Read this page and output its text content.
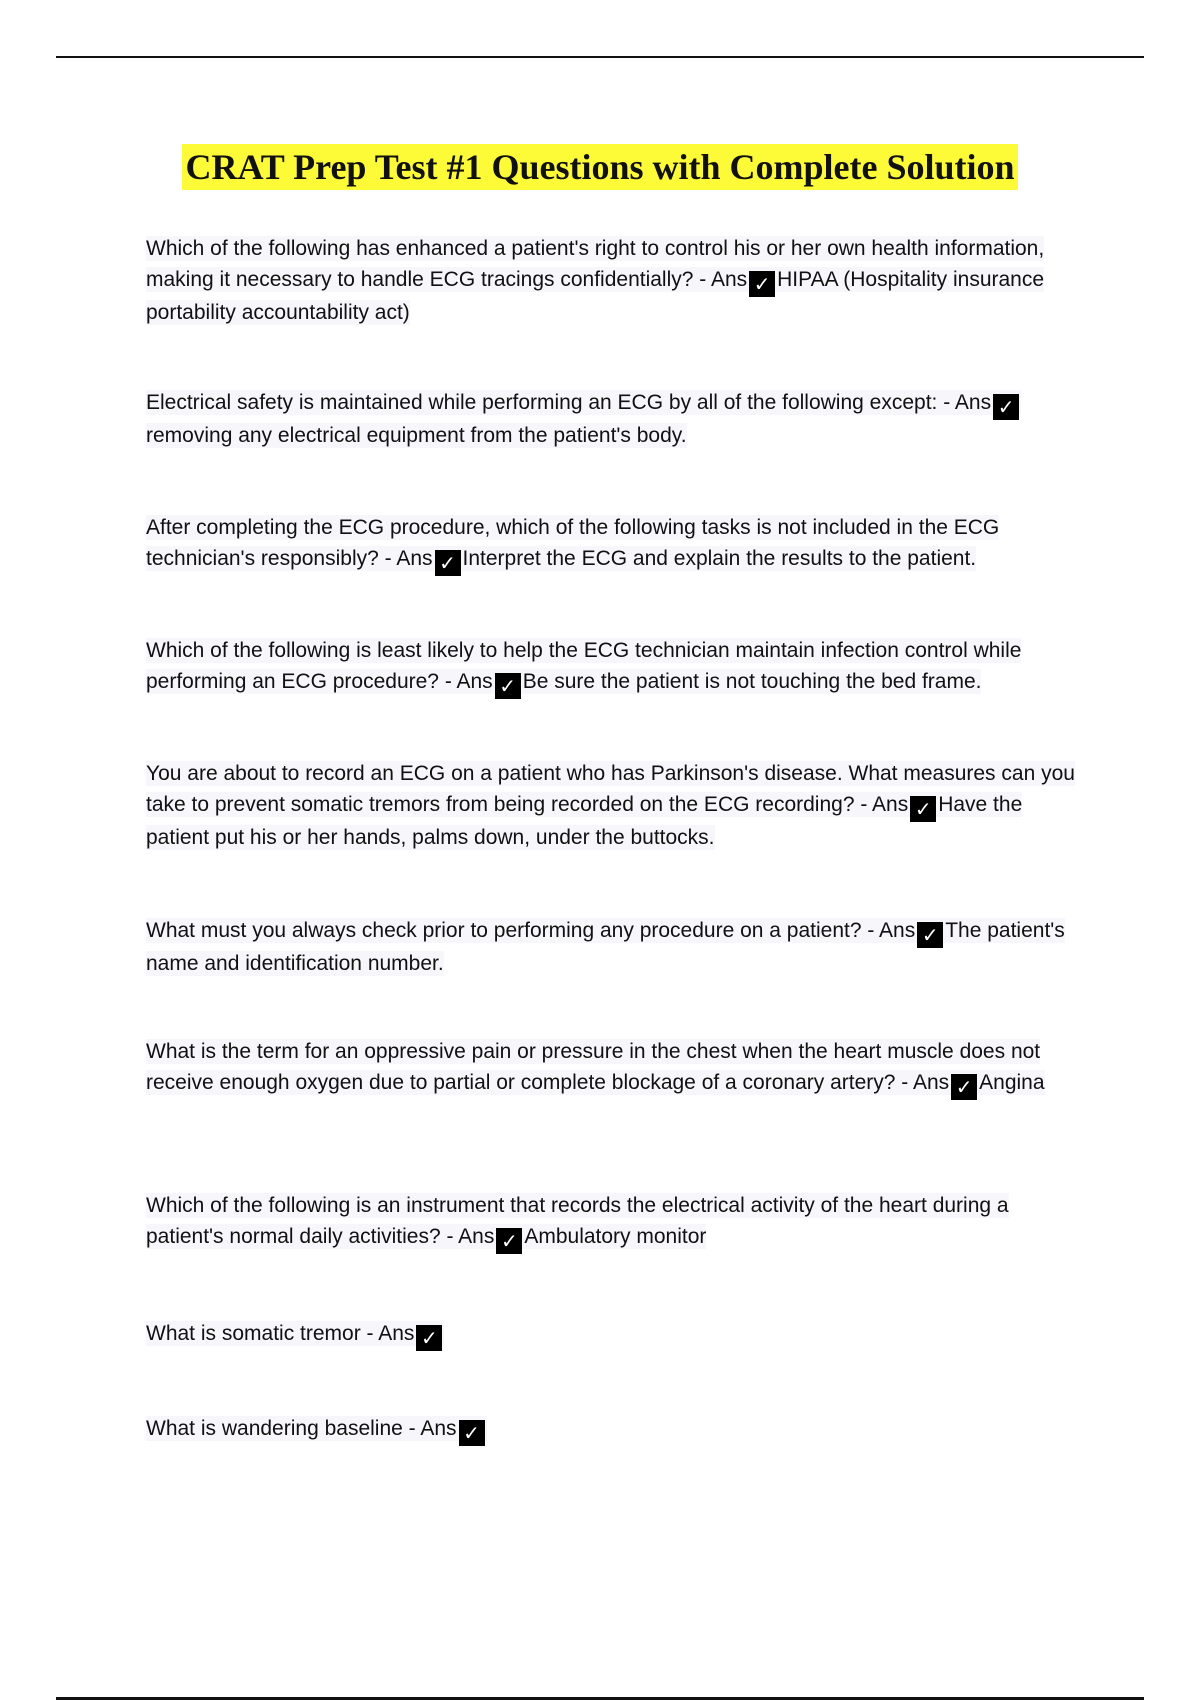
CRAT Prep Test #1 Questions with Complete Solution
Which of the following has enhanced a patient's right to control his or her own health information, making it necessary to handle ECG tracings confidentially? - Ans ✓ HIPAA (Hospitality insurance portability accountability act)
Electrical safety is maintained while performing an ECG by all of the following except: - Ans ✓removing any electrical equipment from the patient's body.
After completing the ECG procedure, which of the following tasks is not included in the ECG technician's responsibly? - Ans ✓ Interpret the ECG and explain the results to the patient.
Which of the following is least likely to help the ECG technician maintain infection control while performing an ECG procedure? - Ans ✓ Be sure the patient is not touching the bed frame.
You are about to record an ECG on a patient who has Parkinson's disease. What measures can you take to prevent somatic tremors from being recorded on the ECG recording? - Ans ✓ Have the patient put his or her hands, palms down, under the buttocks.
What must you always check prior to performing any procedure on a patient? - Ans ✓ The patient's name and identification number.
What is the term for an oppressive pain or pressure in the chest when the heart muscle does not receive enough oxygen due to partial or complete blockage of a coronary artery? - Ans ✓ Angina
Which of the following is an instrument that records the electrical activity of the heart during a patient's normal daily activities? - Ans ✓ Ambulatory monitor
What is somatic tremor - Ans ✓
What is wandering baseline - Ans ✓
